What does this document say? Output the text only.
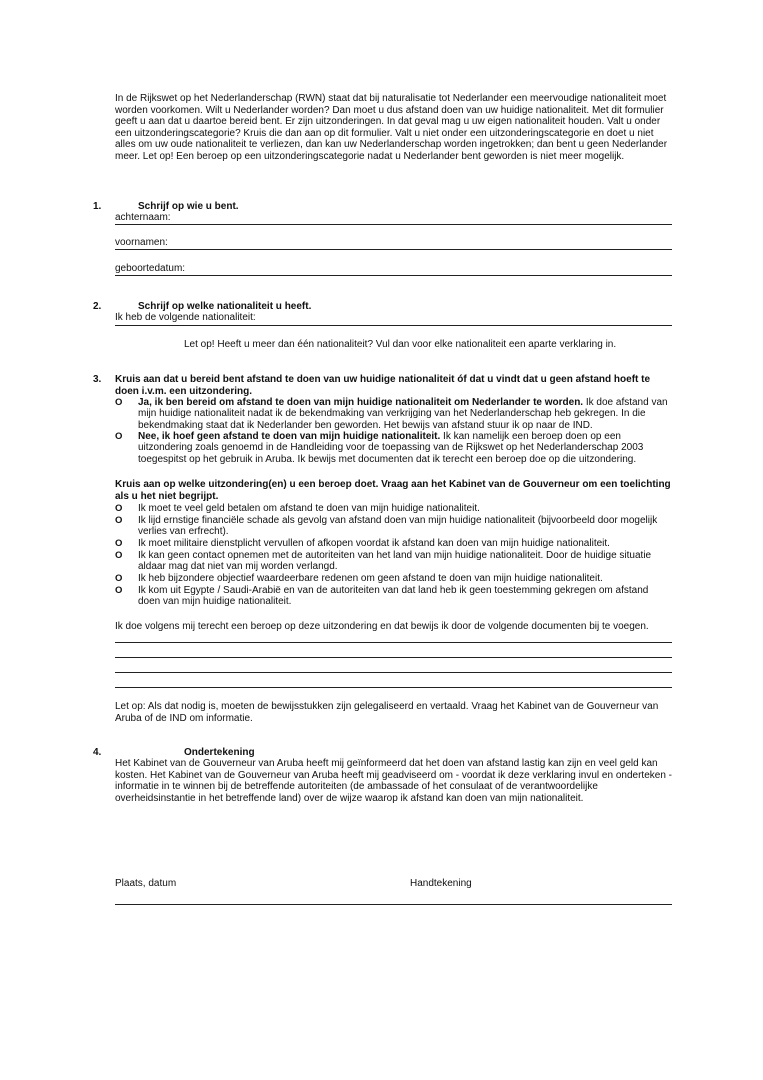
In de Rijkswet op het Nederlanderschap (RWN) staat dat bij naturalisatie tot Nederlander een meervoudige nationaliteit moet worden voorkomen. Wilt u Nederlander worden? Dan moet u dus afstand doen van uw huidige nationaliteit. Met dit formulier geeft u aan dat u daartoe bereid bent. Er zijn uitzonderingen. In dat geval mag u uw eigen nationaliteit houden. Valt u onder een uitzonderingscategorie? Kruis die dan aan op dit formulier. Valt u niet onder een uitzonderingscategorie en doet u niet alles om uw oude nationaliteit te verliezen, dan kan uw Nederlanderschap worden ingetrokken; dan bent u geen Nederlander meer. Let op! Een beroep op een uitzonderingscategorie nadat u Nederlander bent geworden is niet meer mogelijk.
1.	Schrijf op wie u bent.
achternaam:
voornamen:
geboortedatum:
2.	Schrijf op welke nationaliteit u heeft.
Ik heb de volgende nationaliteit:
Let op! Heeft u meer dan één nationaliteit? Vul dan voor elke nationaliteit een aparte verklaring in.
3. Kruis aan dat u bereid bent afstand te doen van uw huidige nationaliteit óf dat u vindt dat u geen afstand hoeft te doen i.v.m. een uitzondering.
O	Ja, ik ben bereid om afstand te doen van mijn huidige nationaliteit om Nederlander te worden. Ik doe afstand van mijn huidige nationaliteit nadat ik de bekendmaking van verkrijging van het Nederlanderschap heb gekregen. In die bekendmaking staat dat ik Nederlander ben geworden. Het bewijs van afstand stuur ik op naar de IND.
O	Nee, ik hoef geen afstand te doen van mijn huidige nationaliteit. Ik kan namelijk een beroep doen op een uitzondering zoals genoemd in de Handleiding voor de toepassing van de Rijkswet op het Nederlanderschap 2003 toegespitst op het gebruik in Aruba. Ik bewijs met documenten dat ik terecht een beroep doe op die uitzondering.
Kruis aan op welke uitzondering(en) u een beroep doet. Vraag aan het Kabinet van de Gouverneur om een toelichting als u het niet begrijpt.
O	Ik moet te veel geld betalen om afstand te doen van mijn huidige nationaliteit.
O	Ik lijd ernstige financiële schade als gevolg van afstand doen van mijn huidige nationaliteit (bijvoorbeeld door mogelijk verlies van erfrecht).
O	Ik moet militaire dienstplicht vervullen of afkopen voordat ik afstand kan doen van mijn huidige nationaliteit.
O	Ik kan geen contact opnemen met de autoriteiten van het land van mijn huidige nationaliteit. Door de huidige situatie aldaar mag dat niet van mij worden verlangd.
O	Ik heb bijzondere objectief waardeerbare redenen om geen afstand te doen van mijn huidige nationaliteit.
O	Ik kom uit Egypte / Saudi-Arabië en van de autoriteiten van dat land heb ik geen toestemming gekregen om afstand doen van mijn huidige nationaliteit.
Ik doe volgens mij terecht een beroep op deze uitzondering en dat bewijs ik door de volgende documenten bij te voegen.
Let op: Als dat nodig is, moeten de bewijsstukken zijn gelegaliseerd en vertaald. Vraag het Kabinet van de Gouverneur van Aruba of de IND om informatie.
4.	Ondertekening
Het Kabinet van de Gouverneur van Aruba heeft mij geïnformeerd dat het doen van afstand lastig kan zijn en veel geld kan kosten. Het Kabinet van de Gouverneur van Aruba heeft mij geadviseerd om - voordat ik deze verklaring invul en onderteken - informatie in te winnen bij de betreffende autoriteiten (de ambassade of het consulaat of de verantwoordelijke overheidsinstantie in het betreffende land) over de wijze waarop ik afstand kan doen van mijn nationaliteit.
Plaats, datum	Handtekening
